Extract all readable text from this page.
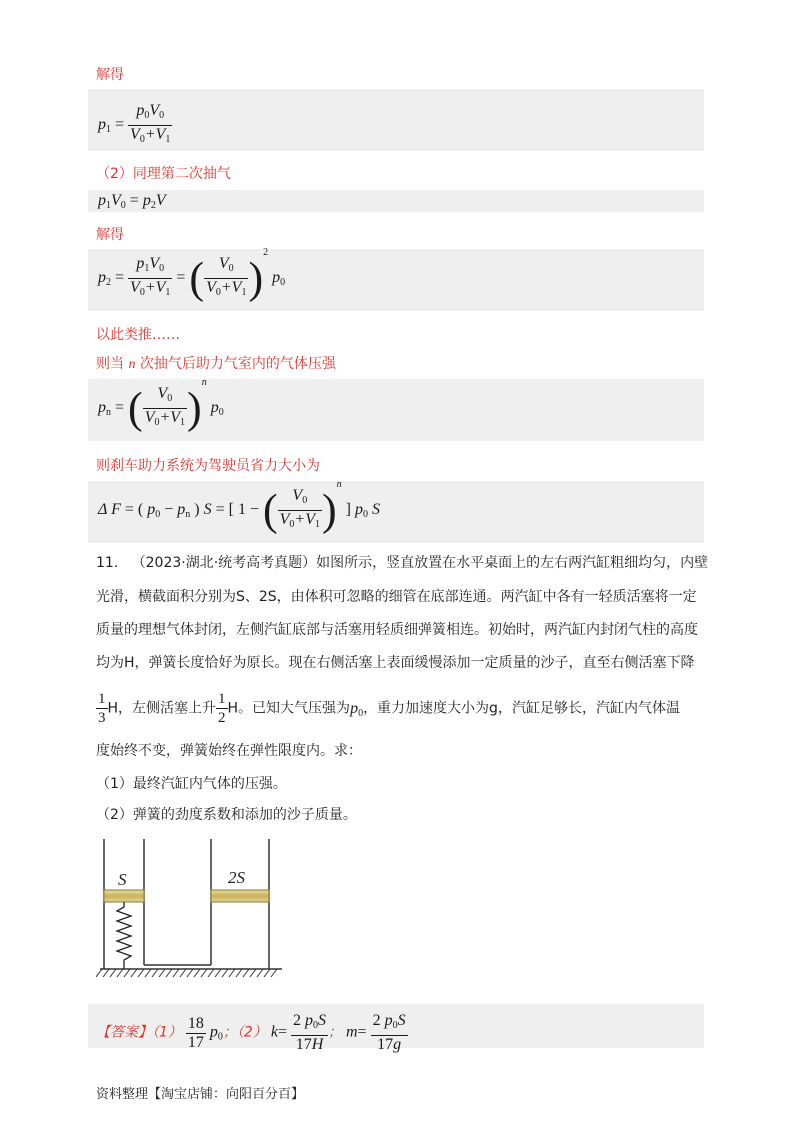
解得
$p_1 = \frac{p_0V_0}{V_0+V_1}$
（2）同理第二次抽气
$p_1V_0 = p_2V$
解得
$p_2 = \frac{p_1V_0}{V_0+V_1}$ = ( $\frac{V_0}{V_0+V_1} )^2$ $p_0$
以此类推……
则当 n 次抽气后助力气室内的气体压强
$p_n$ = ( $\frac{V_0}{V_0+V_1} )^n$ $p_0$
则刹车助力系统为驾驶员省力大小为
Δ F = ( $p_0 - p_n$ ) S = [ 1 − ( $\frac{V_0}{V_0+V_1} )^n$ ] $p_0$ S
11. （2023·湖北·统考高考真题）如图所示，竖直放置在水平桌面上的左右两汽缸粗细均匀，内壁
光滑，横截面积分别为S、2S，由体积可忽略的细管在底部连通。两汽缸中各有一轻质活塞将一定
质量的理想气体封闭，左侧汽缸底部与活塞用轻质细弹簧相连。初始时，两汽缸内封闭气柱的高度
均为H，弹簧长度恰好为原长。现在右侧活塞上表面缓慢添加一定质量的沙子，直至右侧活塞下降
$\frac{1}{3}$ H，左侧活塞上升 $\frac{1}{2}$ H。已知大气压强为$p_0$，重力加速度大小为g，汽缸足够长，汽缸内气体温
度始终不变，弹簧始终在弹性限度内。求：
（1）最终汽缸内气体的压强。
（2）弹簧的劲度系数和添加的沙子质量。
S	2S
【答案】$(1) \frac{18}{17} p_0$；（2） $k= \frac{2 p_0S}{17H}$ ； $m= \frac{2 p_0S}{17g}$
资料整理【淘宝店铺：向阳百分百】
